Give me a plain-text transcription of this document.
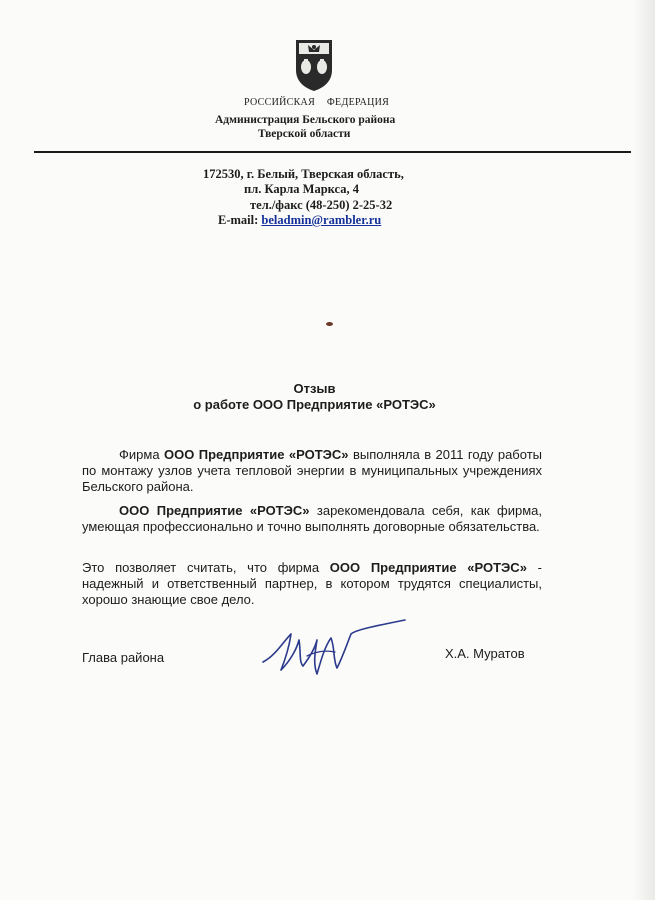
РОССИЙСКАЯ ФЕДЕРАЦИЯ
Администрация Бельского района
Тверской области
172530, г. Белый, Тверская область,
пл. Карла Маркса, 4
тел./факс (48-250) 2-25-32
E-mail: beladmin@rambler.ru
Отзыв
о работе ООО Предприятие «РОТЭС»
Фирма ООО Предприятие «РОТЭС» выполняла в 2011 году работы по монтажу узлов учета тепловой энергии в муниципальных учреждениях Бельского района.
ООО Предприятие «РОТЭС» зарекомендовала себя, как фирма, умеющая профессионально и точно выполнять договорные обязательства.
Это позволяет считать, что фирма ООО Предприятие «РОТЭС» - надежный и ответственный партнер, в котором трудятся специалисты, хорошо знающие свое дело.
Глава района	Х.А. Муратов
